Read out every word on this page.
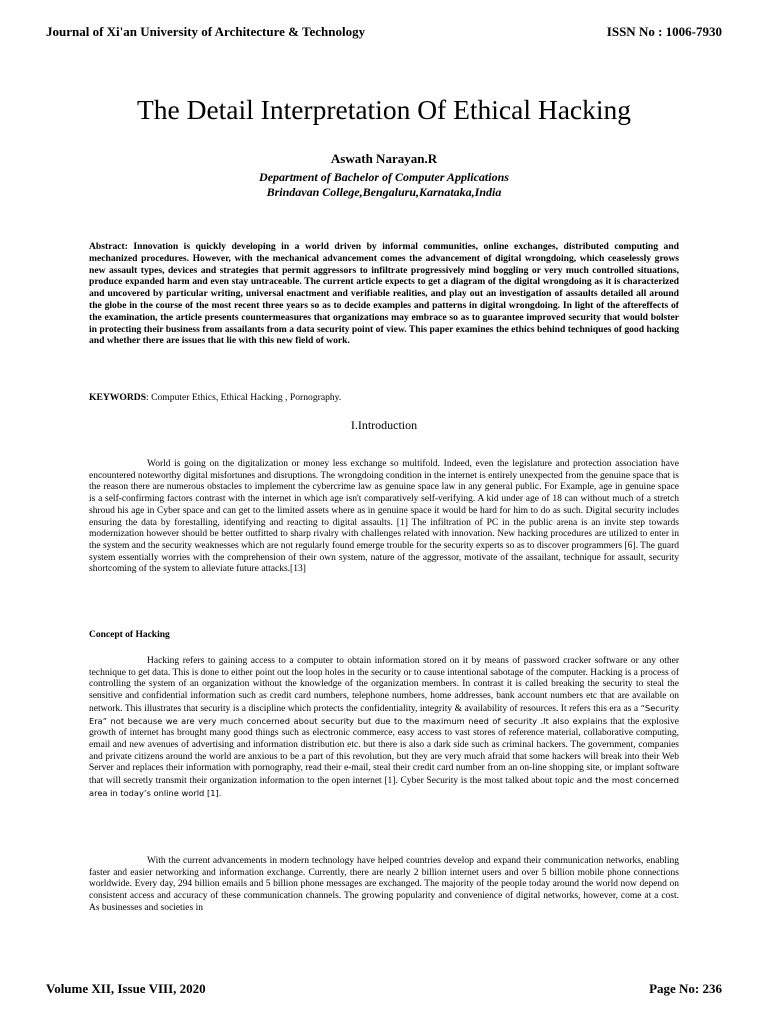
Journal of Xi'an University of Architecture & Technology	ISSN No : 1006-7930
The Detail Interpretation Of Ethical Hacking
Aswath Narayan.R
Department of Bachelor of Computer Applications
Brindavan College,Bengaluru,Karnataka,India
Abstract: Innovation is quickly developing in a world driven by informal communities, online exchanges, distributed computing and mechanized procedures. However, with the mechanical advancement comes the advancement of digital wrongdoing, which ceaselessly grows new assault types, devices and strategies that permit aggressors to infiltrate progressively mind boggling or very much controlled situations, produce expanded harm and even stay untraceable. The current article expects to get a diagram of the digital wrongdoing as it is characterized and uncovered by particular writing, universal enactment and verifiable realities, and play out an investigation of assaults detailed all around the globe in the course of the most recent three years so as to decide examples and patterns in digital wrongdoing. In light of the aftereffects of the examination, the article presents countermeasures that organizations may embrace so as to guarantee improved security that would bolster in protecting their business from assailants from a data security point of view. This paper examines the ethics behind techniques of good hacking and whether there are issues that lie with this new field of work.
KEYWORDS: Computer Ethics, Ethical Hacking , Pornography.
I.Introduction

World is going on the digitalization or money less exchange so multifold. Indeed, even the legislature and protection association have encountered noteworthy digital misfortunes and disruptions. The wrongdoing condition in the internet is entirely unexpected from the genuine space that is the reason there are numerous obstacles to implement the cybercrime law as genuine space law in any general public. For Example, age in genuine space is a self-confirming factors contrast with the internet in which age isn't comparatively self-verifying. A kid under age of 18 can without much of a stretch shroud his age in Cyber space and can get to the limited assets where as in genuine space it would be hard for him to do as such. Digital security includes ensuring the data by forestalling, identifying and reacting to digital assaults. [1] The infiltration of PC in the public arena is an invite step towards modernization however should be better outfitted to sharp rivalry with challenges related with innovation. New hacking procedures are utilized to enter in the system and the security weaknesses which are not regularly found emerge trouble for the security experts so as to discover programmers [6]. The guard system essentially worries with the comprehension of their own system, nature of the aggressor, motivate of the assailant, technique for assault, security shortcoming of the system to alleviate future attacks.[13]

Concept of Hacking

Hacking refers to gaining access to a computer to obtain information stored on it by means of password cracker software or any other technique to get data. This is done to either point out the loop holes in the security or to cause intentional sabotage of the computer. Hacking is a process of controlling the system of an organization without the knowledge of the organization members. In contrast it is called breaking the security to steal the sensitive and confidential information such as credit card numbers, telephone numbers, home addresses, bank account numbers etc that are available on network. This illustrates that security is a discipline which protects the confidentiality, integrity & availability of resources. It refers this era as a “Security Era” not because we are very much concerned about security but due to the maximum need of security .It also explains that the explosive growth of internet has brought many good things such as electronic commerce, easy access to vast stores of reference material, collaborative computing, email and new avenues of advertising and information distribution etc. but there is also a dark side such as criminal hackers. The government, companies and private citizens around the world are anxious to be a part of this revolution, but they are very much afraid that some hackers will break into their Web Server and replaces their information with pornography, read their e-mail, steal their credit card number from an on-line shopping site, or implant software that will secretly transmit their organization information to the open internet [1]. Cyber Security is the most talked about topic and the most concerned area in today’s online world [1].

With the current advancements in modern technology have helped countries develop and expand their communication networks, enabling faster and easier networking and information exchange. Currently, there are nearly 2 billion internet users and over 5 billion mobile phone connections worldwide. Every day, 294 billion emails and 5 billion phone messages are exchanged. The majority of the people today around the world now depend on consistent access and accuracy of these communication channels. The growing popularity and convenience of digital networks, however, come at a cost. As businesses and societies in

Volume XII, Issue VIII, 2020	Page No: 236
